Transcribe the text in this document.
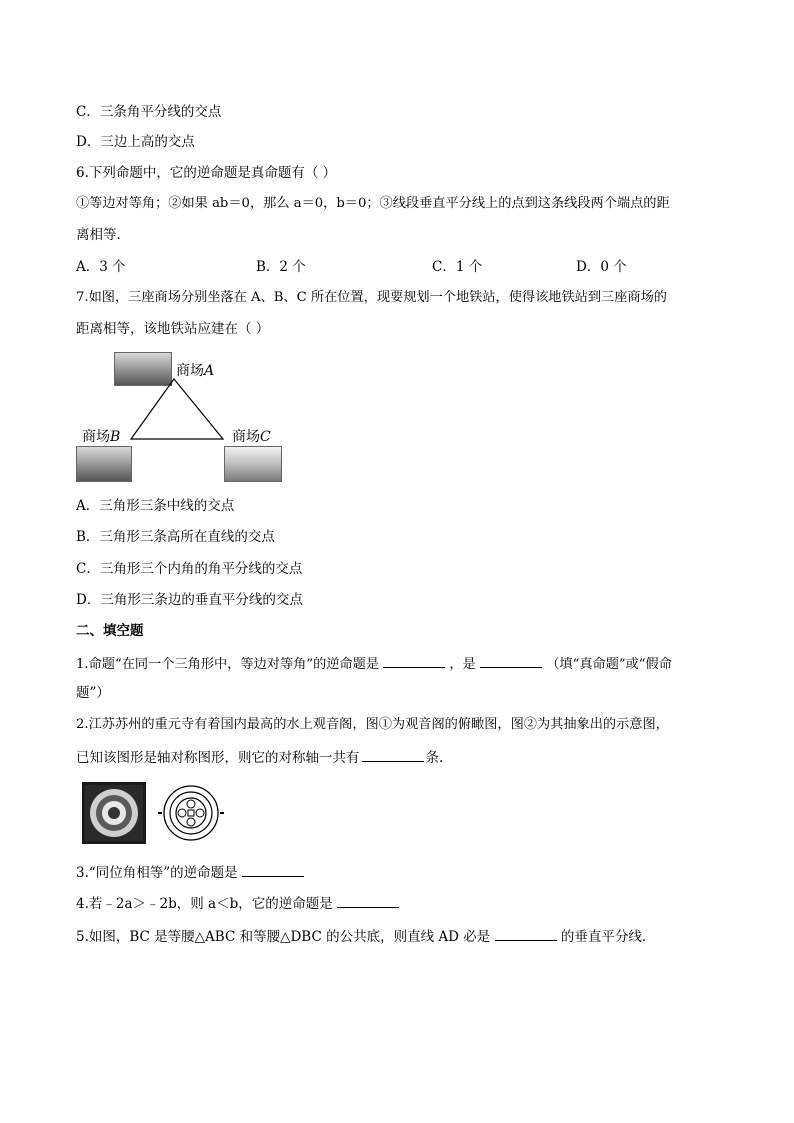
C．三条角平分线的交点
D．三边上高的交点
6.下列命题中，它的逆命题是真命题有（ ）
①等边对等角；②如果 ab＝0，那么 a＝0，b＝0；③线段垂直平分线上的点到这条线段两个端点的距
离相等．
A．3 个	B．2 个	C．1 个	D．0 个
7.如图，三座商场分别坐落在 A、B、C 所在位置，现要规划一个地铁站，使得该地铁站到三座商场的
距离相等，该地铁站应建在（ ）
商场A
商场B	商场C
A．三角形三条中线的交点
B．三角形三条高所在直线的交点
C．三角形三个内角的角平分线的交点
D．三角形三条边的垂直平分线的交点
二、填空题
1.命题“在同一个三角形中，等边对等角”的逆命题是	，是	（填“真命题”或“假命
题”）
2.江苏苏州的重元寺有着国内最高的水上观音阁，图①为观音阁的俯瞰图，图②为其抽象出的示意图，
已知该图形是轴对称图形，则它的对称轴一共有	条.
3.“同位角相等”的逆命题是
4.若﹣2a＞﹣2b，则 a＜b，它的逆命题是
5.如图，BC 是等腰△ABC 和等腰△DBC 的公共底，则直线 AD 必是	的垂直平分线．
